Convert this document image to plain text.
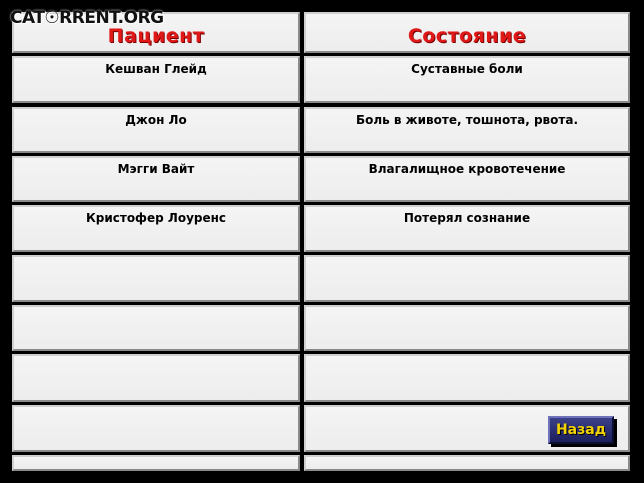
CAT☉RRENT.ORG
Пациент	Состояние
Кешван Глейд	Суставные боли
Джон Ло	Боль в животе, тошнота, рвота.
Мэгги Вайт	Влагалищное кровотечение
Кристофер Лоуренс	Потерял сознание
Назад
